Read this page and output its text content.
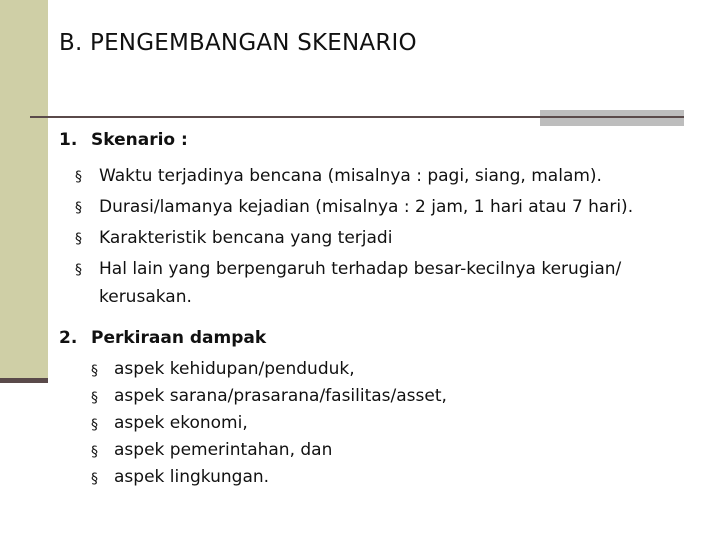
B. PENGEMBANGAN SKENARIO
1. Skenario :
§ Waktu terjadinya bencana (misalnya : pagi, siang, malam).
§ Durasi/lamanya kejadian (misalnya : 2 jam, 1 hari atau 7 hari).
§ Karakteristik bencana yang terjadi
§ Hal lain yang berpengaruh terhadap besar-kecilnya kerugian/
kerusakan.
2. Perkiraan dampak
§ aspek kehidupan/penduduk,
§ aspek sarana/prasarana/fasilitas/asset,
§ aspek ekonomi,
§ aspek pemerintahan, dan
§ aspek lingkungan.
